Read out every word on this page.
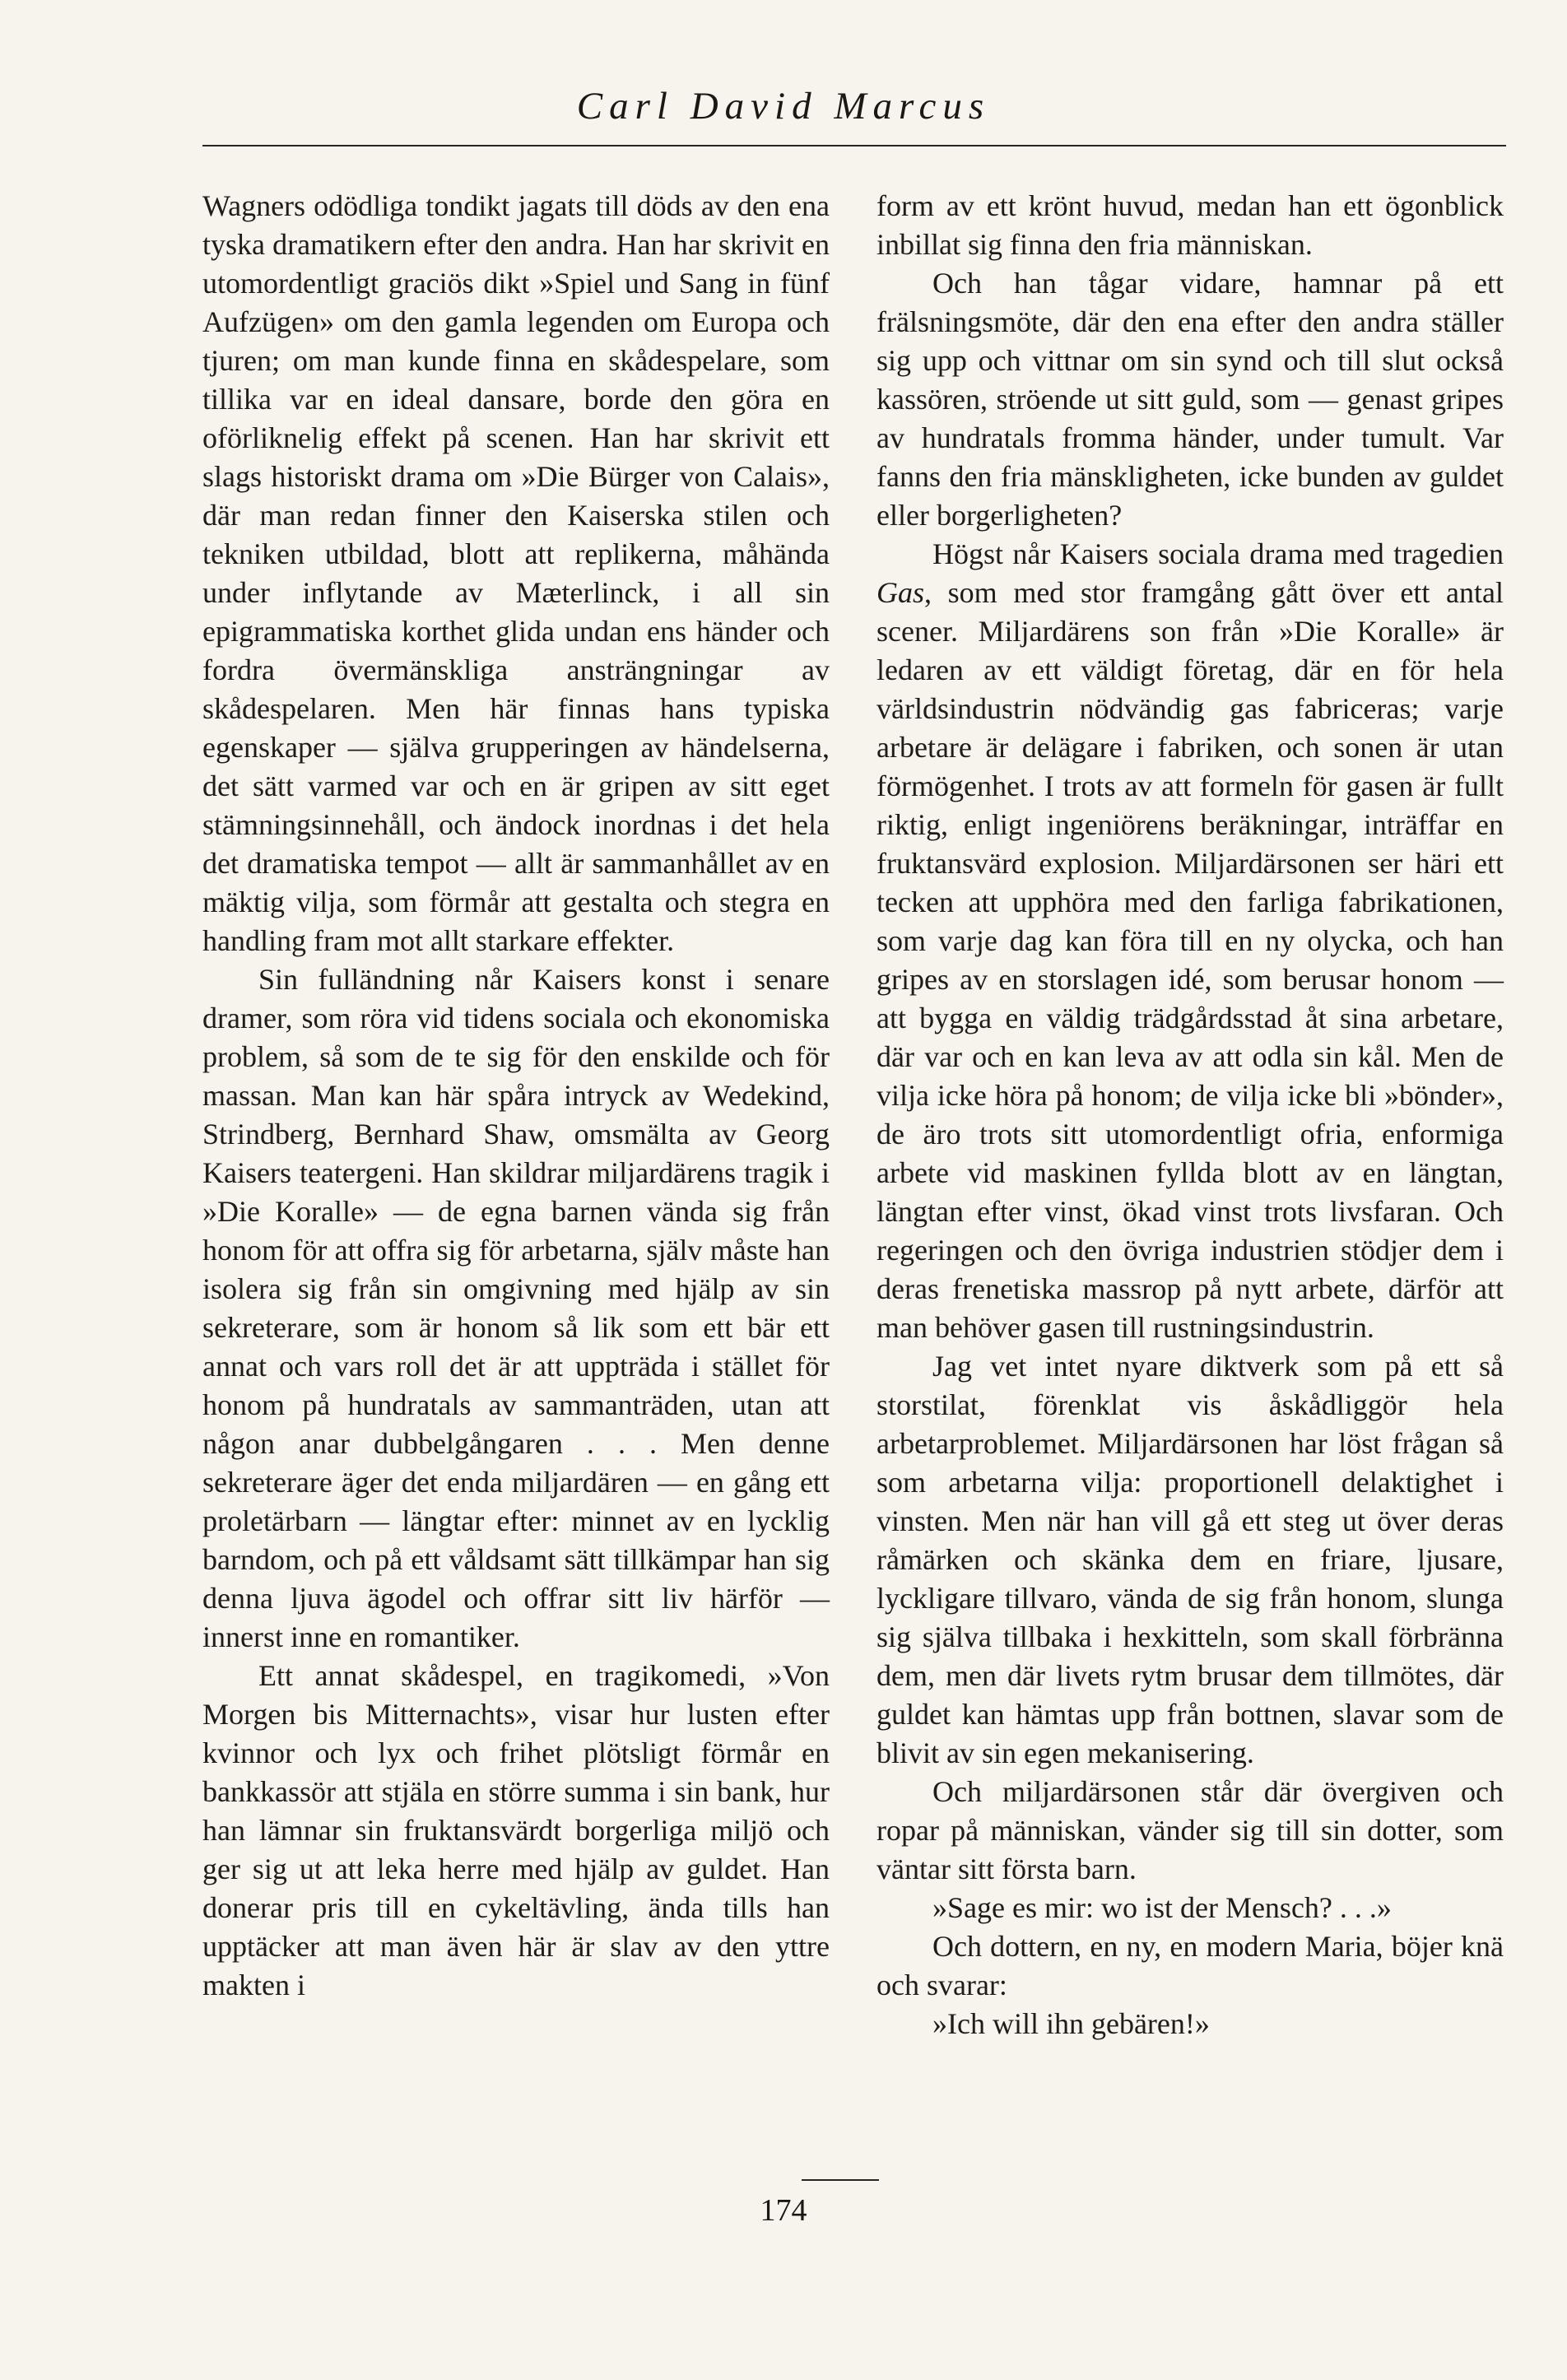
Carl David Marcus

Wagners odödliga tondikt jagats till döds av den ena tyska dramatikern efter den andra. Han har skrivit en utomordentligt graciös dikt »Spiel und Sang in fünf Aufzügen» om den gamla legenden om Europa och tjuren; om man kunde finna en skådespelare, som tillika var en ideal dansare, borde den göra en oförliknelig effekt på scenen. Han har skrivit ett slags historiskt drama om »Die Bürger von Calais», där man redan finner den Kaiserska stilen och tekniken utbildad, blott att replikerna, måhända under inflytande av Mæterlinck, i all sin epigrammatiska korthet glida undan ens händer och fordra övermänskliga ansträngningar av skådespelaren. Men här finnas hans typiska egenskaper — själva grupperingen av händelserna, det sätt varmed var och en är gripen av sitt eget stämningsinnehåll, och ändock inordnas i det hela det dramatiska tempot — allt är sammanhållet av en mäktig vilja, som förmår att gestalta och stegra en handling fram mot allt starkare effekter.

Sin fulländning når Kaisers konst i senare dramer, som röra vid tidens sociala och ekonomiska problem, så som de te sig för den enskilde och för massan. Man kan här spåra intryck av Wedekind, Strindberg, Bernhard Shaw, omsmälta av Georg Kaisers teatergeni. Han skildrar miljardärens tragik i »Die Koralle» — de egna barnen vända sig från honom för att offra sig för arbetarna, själv måste han isolera sig från sin omgivning med hjälp av sin sekreterare, som är honom så lik som ett bär ett annat och vars roll det är att uppträda i stället för honom på hundratals av sammanträden, utan att någon anar dubbelgångaren . . . Men denne sekreterare äger det enda miljardären — en gång ett proletärbarn — längtar efter: minnet av en lycklig barndom, och på ett våldsamt sätt tillkämpar han sig denna ljuva ägodel och offrar sitt liv härför — innerst inne en romantiker.

Ett annat skådespel, en tragikomedi, »Von Morgen bis Mitternachts», visar hur lusten efter kvinnor och lyx och frihet plötsligt förmår en bankkassör att stjäla en större summa i sin bank, hur han lämnar sin fruktansvärdt borgerliga miljö och ger sig ut att leka herre med hjälp av guldet. Han donerar pris till en cykeltävling, ända tills han upptäcker att man även här är slav av den yttre makten i

form av ett krönt huvud, medan han ett ögonblick inbillat sig finna den fria människan.

Och han tågar vidare, hamnar på ett frälsningsmöte, där den ena efter den andra ställer sig upp och vittnar om sin synd och till slut också kassören, ströende ut sitt guld, som — genast gripes av hundratals fromma händer, under tumult. Var fanns den fria mänskligheten, icke bunden av guldet eller borgerligheten?

Högst når Kaisers sociala drama med tragedien Gas, som med stor framgång gått över ett antal scener. Miljardärens son från »Die Koralle» är ledaren av ett väldigt företag, där en för hela världsindustrin nödvändig gas fabriceras; varje arbetare är delägare i fabriken, och sonen är utan förmögenhet. I trots av att formeln för gasen är fullt riktig, enligt ingeniörens beräkningar, inträffar en fruktansvärd explosion. Miljardärsonen ser häri ett tecken att upphöra med den farliga fabrikationen, som varje dag kan föra till en ny olycka, och han gripes av en storslagen idé, som berusar honom — att bygga en väldig trädgårdsstad åt sina arbetare, där var och en kan leva av att odla sin kål. Men de vilja icke höra på honom; de vilja icke bli »bönder», de äro trots sitt utomordentligt ofria, enformiga arbete vid maskinen fyllda blott av en längtan, längtan efter vinst, ökad vinst trots livsfaran. Och regeringen och den övriga industrien stödjer dem i deras frenetiska massrop på nytt arbete, därför att man behöver gasen till rustningsindustrin.

Jag vet intet nyare diktverk som på ett så storstilat, förenklat vis åskådliggör hela arbetarproblemet. Miljardärsonen har löst frågan så som arbetarna vilja: proportionell delaktighet i vinsten. Men när han vill gå ett steg ut över deras råmärken och skänka dem en friare, ljusare, lyckligare tillvaro, vända de sig från honom, slunga sig själva tillbaka i hexkitteln, som skall förbränna dem, men där livets rytm brusar dem tillmötes, där guldet kan hämtas upp från bottnen, slavar som de blivit av sin egen mekanisering.

Och miljardärsonen står där övergiven och ropar på människan, vänder sig till sin dotter, som väntar sitt första barn.

»Sage es mir: wo ist der Mensch? . . .»

Och dottern, en ny, en modern Maria, böjer knä och svarar:

»Ich will ihn gebären!»

174
